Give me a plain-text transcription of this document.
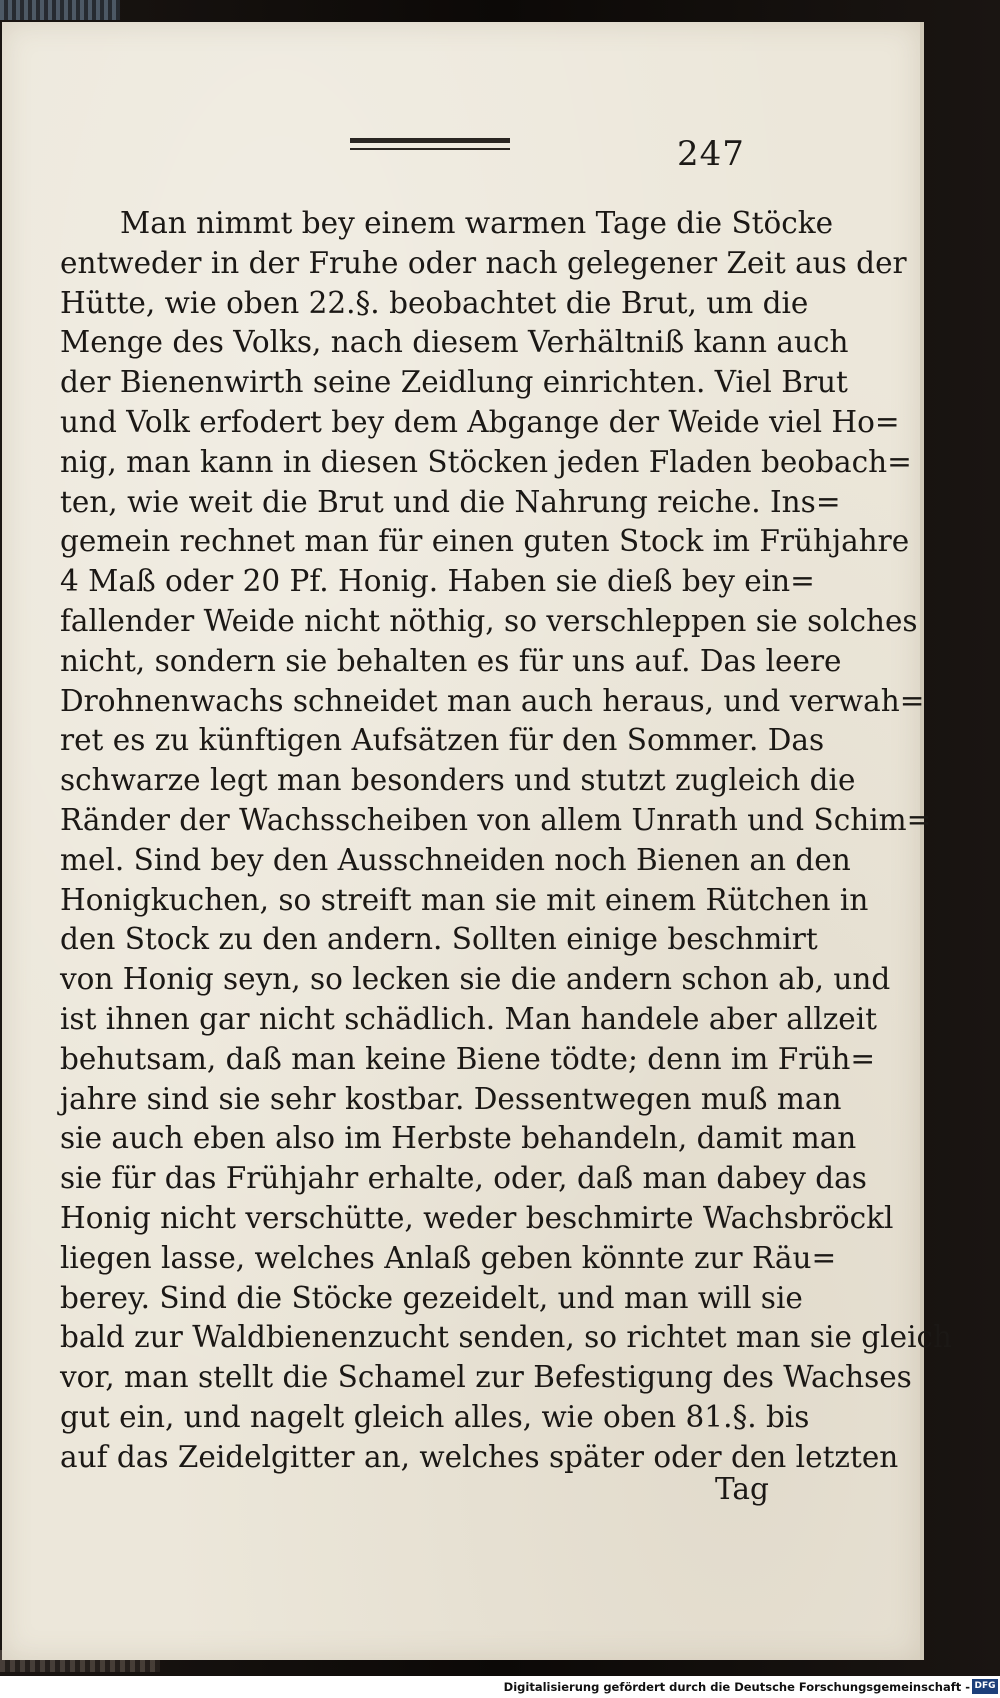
247
Man nimmt bey einem warmen Tage die Stöcke
entweder in der Fruhe oder nach gelegener Zeit aus der
Hütte, wie oben 22.§. beobachtet die Brut, um die
Menge des Volks, nach diesem Verhältniß kann auch
der Bienenwirth seine Zeidlung einrichten. Viel Brut
und Volk erfodert bey dem Abgange der Weide viel Ho=
nig, man kann in diesen Stöcken jeden Fladen beobach=
ten, wie weit die Brut und die Nahrung reiche. Ins=
gemein rechnet man für einen guten Stock im Frühjahre
4 Maß oder 20 Pf. Honig. Haben sie dieß bey ein=
fallender Weide nicht nöthig, so verschleppen sie solches
nicht, sondern sie behalten es für uns auf. Das leere
Drohnenwachs schneidet man auch heraus, und verwah=
ret es zu künftigen Aufsätzen für den Sommer. Das
schwarze legt man besonders und stutzt zugleich die
Ränder der Wachsscheiben von allem Unrath und Schim=
mel. Sind bey den Ausschneiden noch Bienen an den
Honigkuchen, so streift man sie mit einem Rütchen in
den Stock zu den andern. Sollten einige beschmirt
von Honig seyn, so lecken sie die andern schon ab, und
ist ihnen gar nicht schädlich. Man handele aber allzeit
behutsam, daß man keine Biene tödte; denn im Früh=
jahre sind sie sehr kostbar. Dessentwegen muß man
sie auch eben also im Herbste behandeln, damit man
sie für das Frühjahr erhalte, oder, daß man dabey das
Honig nicht verschütte, weder beschmirte Wachsbröckl
liegen lasse, welches Anlaß geben könnte zur Räu=
berey. Sind die Stöcke gezeidelt, und man will sie
bald zur Waldbienenzucht senden, so richtet man sie gleich
vor, man stellt die Schamel zur Befestigung des Wachses
gut ein, und nagelt gleich alles, wie oben 81.§. bis
auf das Zeidelgitter an, welches später oder den letzten
Tag
Digitalisierung gefördert durch die Deutsche Forschungsgemeinschaft - DFG
